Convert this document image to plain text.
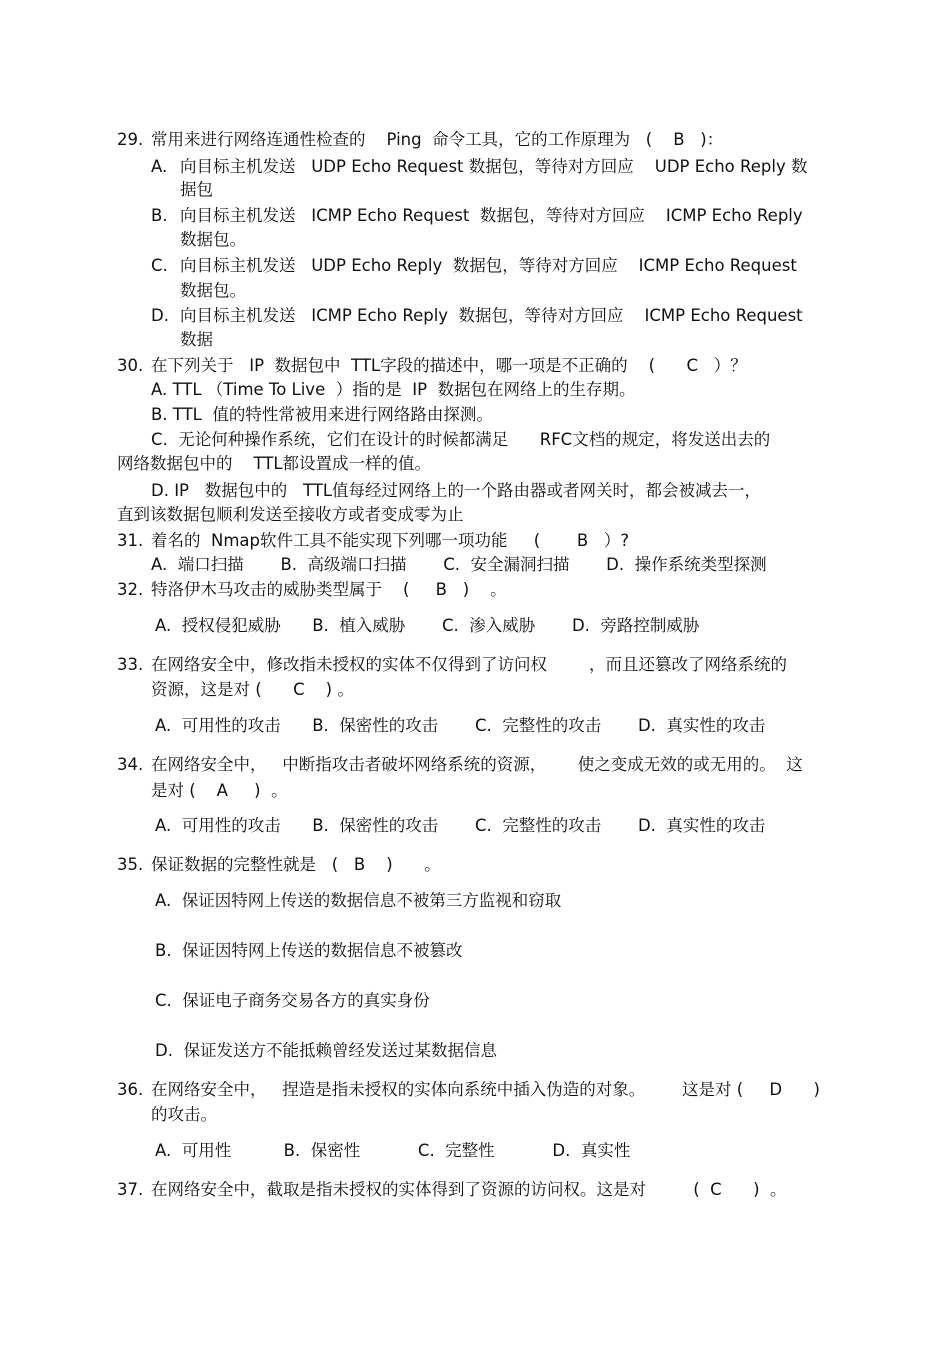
29. 常用来进行网络连通性检查的    Ping  命令工具，它的工作原理为   (    B   )：
A. 向目标主机发送   UDP Echo Request 数据包，等待对方回应    UDP Echo Reply 数
据包
B. 向目标主机发送   ICMP Echo Request  数据包，等待对方回应    ICMP Echo Reply
数据包。
C. 向目标主机发送   UDP Echo Reply  数据包，等待对方回应    ICMP Echo Request
数据包。
D. 向目标主机发送   ICMP Echo Reply  数据包，等待对方回应    ICMP Echo Request
数据
30. 在下列关于   IP  数据包中  TTL字段的描述中，哪一项是不正确的    (      C   ）？
A. TTL （Time To Live  ）指的是  IP  数据包在网络上的生存期。
B. TTL  值的特性常被用来进行网络路由探测。
C.  无论何种操作系统，它们在设计的时候都满足      RFC文档的规定，将发送出去的
网络数据包中的    TTL都设置成一样的值。
D. IP   数据包中的   TTL值每经过网络上的一个路由器或者网关时，都会被减去一，
直到该数据包顺利发送至接收方或者变成零为止
31. 着名的  Nmap软件工具不能实现下列哪一项功能     (       B   ）?
A.  端口扫描       B.  高级端口扫描       C.  安全漏洞扫描       D.  操作系统类型探测
32. 特洛伊木马攻击的威胁类型属于    (     B   )    。
A.  授权侵犯威胁      B.  植入威胁       C.  渗入威胁       D.  旁路控制威胁
33. 在网络安全中，修改指未授权的实体不仅得到了访问权        ，而且还篡改了网络系统的
资源，这是对 (      C    ) 。
A.  可用性的攻击      B.  保密性的攻击       C.  完整性的攻击       D.  真实性的攻击
34. 在网络安全中，   中断指攻击者破坏网络系统的资源，      使之变成无效的或无用的。  这
是对 (    A     )  。
A.  可用性的攻击      B.  保密性的攻击       C.  完整性的攻击       D.  真实性的攻击
35. 保证数据的完整性就是   (   B    )      。
A.  保证因特网上传送的数据信息不被第三方监视和窃取
B.  保证因特网上传送的数据信息不被篡改
C.  保证电子商务交易各方的真实身份
D.  保证发送方不能抵赖曾经发送过某数据信息
36. 在网络安全中，   捏造是指未授权的实体向系统中插入伪造的对象。       这是对 (     D      )
的攻击。
A.  可用性          B.  保密性           C.  完整性           D.  真实性
37. 在网络安全中，截取是指未授权的实体得到了资源的访问权。这是对         (  C      )  。
